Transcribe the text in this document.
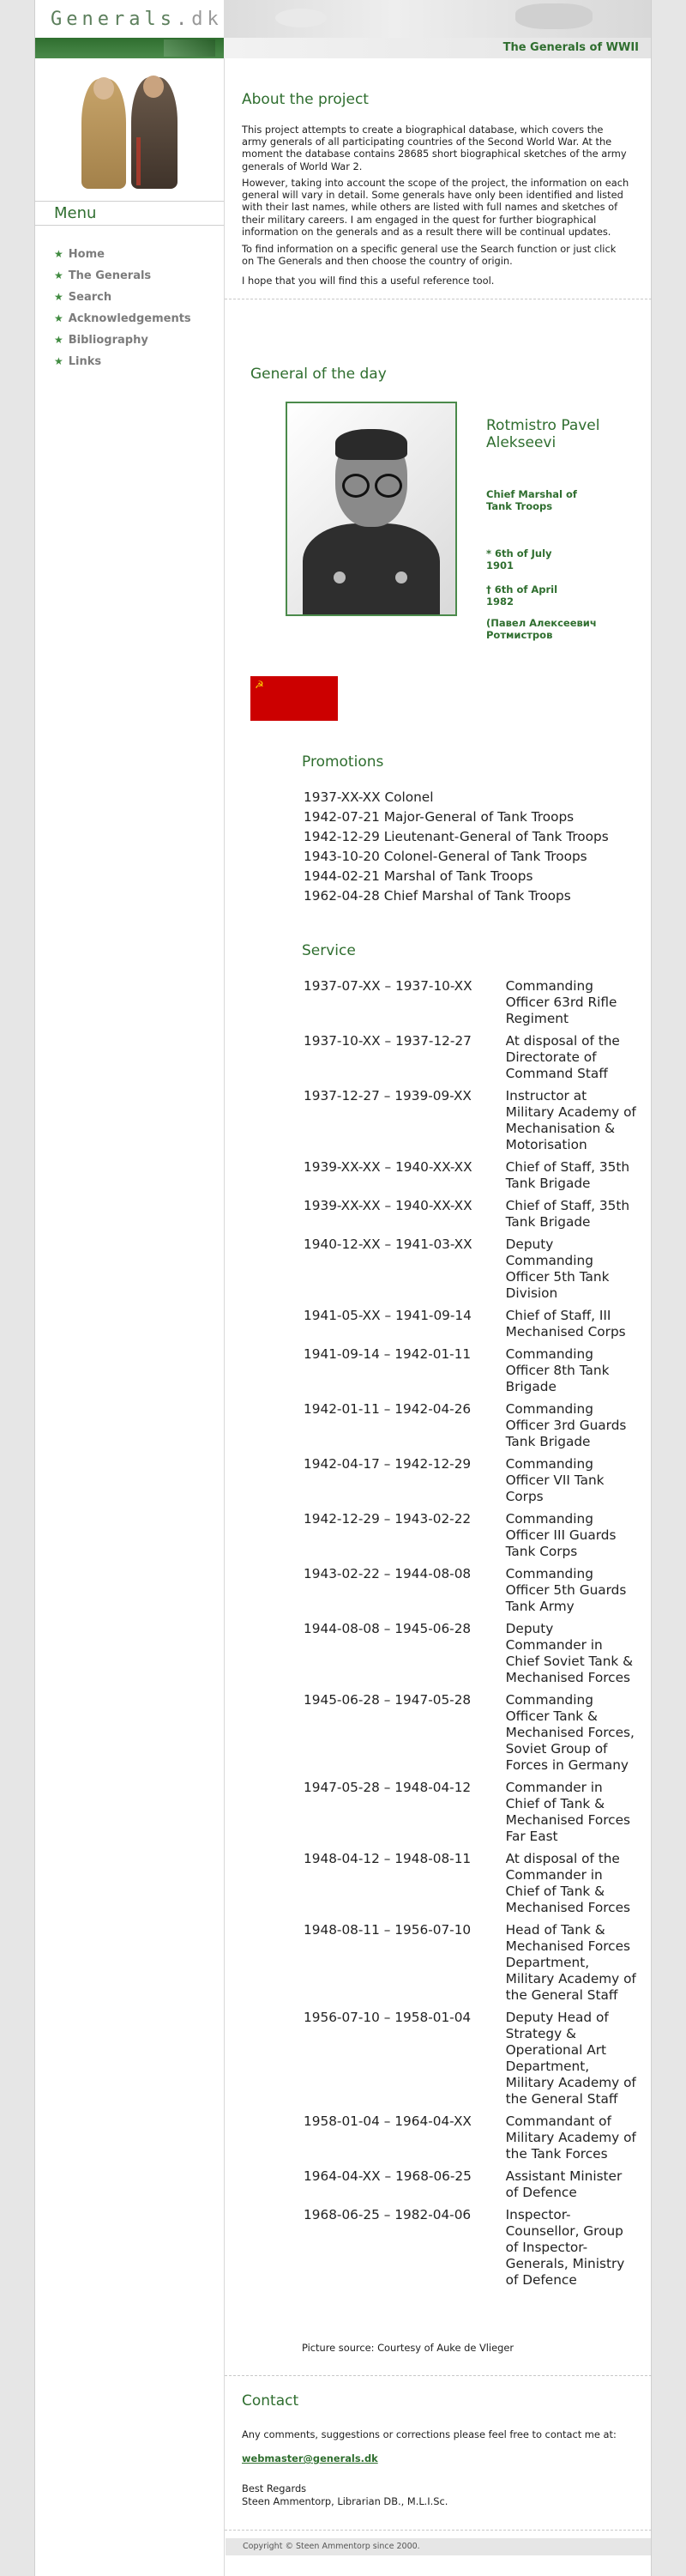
Generals.dk
The Generals of WWII
Menu
★ Home
★ The Generals
★ Search
★ Acknowledgements
★ Bibliography
★ Links
About the project

This project attempts to create a biographical database, which covers the army generals of all participating countries of the Second World War. At the moment the database contains 28685 short biographical sketches of the army generals of World War 2.

However, taking into account the scope of the project, the information on each general will vary in detail. Some generals have only been identified and listed with their last names, while others are listed with full names and sketches of their military careers. I am engaged in the quest for further biographical information on the generals and as a result there will be continual updates.

To find information on a specific general use the Search function or just click on The Generals and then choose the country of origin.

I hope that you will find this a useful reference tool.

General of the day
Rotmistro Pavel Alekseevi
Chief Marshal of Tank Troops
* 6th of July 1901
† 6th of April 1982
(Павел Алексеевич Ротмистров
☭
Promotions
1937-XX-XX Colonel
1942-07-21 Major-General of Tank Troops
1942-12-29 Lieutenant-General of Tank Troops
1943-10-20 Colonel-General of Tank Troops
1944-02-21 Marshal of Tank Troops
1962-04-28 Chief Marshal of Tank Troops
Service
1937-07-XX – 1937-10-XX	Commanding Officer 63rd Rifle Regiment
1937-10-XX – 1937-12-27	At disposal of the Directorate of Command Staff
1937-12-27 – 1939-09-XX	Instructor at Military Academy of Mechanisation & Motorisation
1939-XX-XX – 1940-XX-XX	Chief of Staff, 35th Tank Brigade
1939-XX-XX – 1940-XX-XX	Chief of Staff, 35th Tank Brigade
1940-12-XX – 1941-03-XX	Deputy Commanding Officer 5th Tank Division
1941-05-XX – 1941-09-14	Chief of Staff, III Mechanised Corps
1941-09-14 – 1942-01-11	Commanding Officer 8th Tank Brigade
1942-01-11 – 1942-04-26	Commanding Officer 3rd Guards Tank Brigade
1942-04-17 – 1942-12-29	Commanding Officer VII Tank Corps
1942-12-29 – 1943-02-22	Commanding Officer III Guards Tank Corps
1943-02-22 – 1944-08-08	Commanding Officer 5th Guards Tank Army
1944-08-08 – 1945-06-28	Deputy Commander in Chief Soviet Tank & Mechanised Forces
1945-06-28 – 1947-05-28	Commanding Officer Tank & Mechanised Forces, Soviet Group of Forces in Germany
1947-05-28 – 1948-04-12	Commander in Chief of Tank & Mechanised Forces Far East
1948-04-12 – 1948-08-11	At disposal of the Commander in Chief of Tank & Mechanised Forces
1948-08-11 – 1956-07-10	Head of Tank & Mechanised Forces Department, Military Academy of the General Staff
1956-07-10 – 1958-01-04	Deputy Head of Strategy & Operational Art Department, Military Academy of the General Staff
1958-01-04 – 1964-04-XX	Commandant of Military Academy of the Tank Forces
1964-04-XX – 1968-06-25	Assistant Minister of Defence
1968-06-25 – 1982-04-06	Inspector-Counsellor, Group of Inspector-Generals, Ministry of Defence
Picture source: Courtesy of Auke de Vlieger
Contact

Any comments, suggestions or corrections please feel free to contact me at:

webmaster@generals.dk

Best Regards

Steen Ammentorp, Librarian DB., M.L.I.Sc.

Copyright © Steen Ammentorp since 2000.
